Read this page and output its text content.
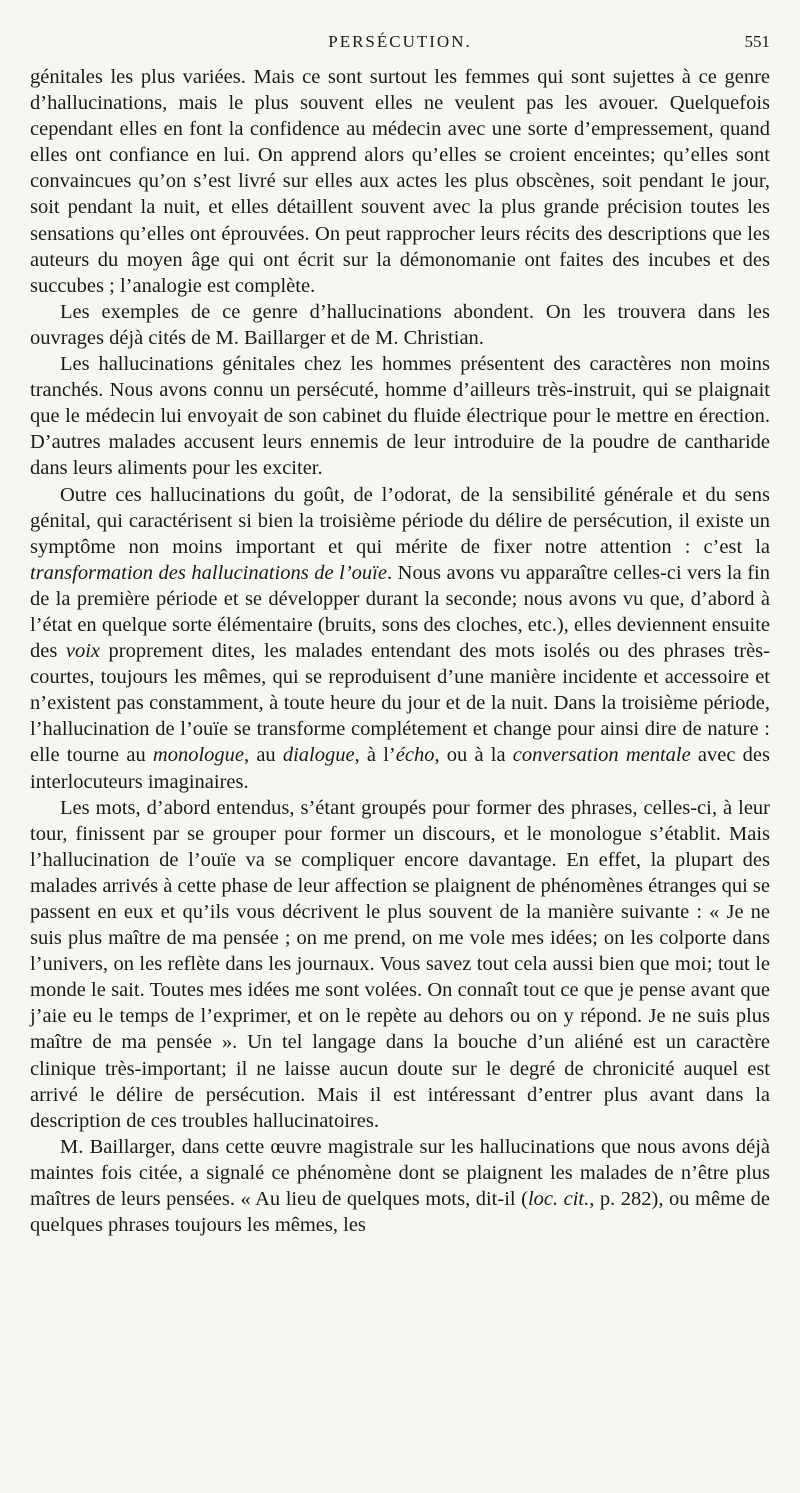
PERSÉCUTION.	551

génitales les plus variées. Mais ce sont surtout les femmes qui sont sujettes à ce genre d’hallucinations, mais le plus souvent elles ne veulent pas les avouer. Quelquefois cependant elles en font la confidence au médecin avec une sorte d’empressement, quand elles ont confiance en lui. On apprend alors qu’elles se croient enceintes; qu’elles sont convaincues qu’on s’est livré sur elles aux actes les plus obscènes, soit pendant le jour, soit pendant la nuit, et elles détaillent souvent avec la plus grande précision toutes les sensations qu’elles ont éprouvées. On peut rapprocher leurs récits des descriptions que les auteurs du moyen âge qui ont écrit sur la démonomanie ont faites des incubes et des succubes ; l’analogie est complète.

Les exemples de ce genre d’hallucinations abondent. On les trouvera dans les ouvrages déjà cités de M. Baillarger et de M. Christian.

Les hallucinations génitales chez les hommes présentent des caractères non moins tranchés. Nous avons connu un persécuté, homme d’ailleurs très-instruit, qui se plaignait que le médecin lui envoyait de son cabinet du fluide électrique pour le mettre en érection. D’autres malades accusent leurs ennemis de leur introduire de la poudre de cantharide dans leurs aliments pour les exciter.

Outre ces hallucinations du goût, de l’odorat, de la sensibilité générale et du sens génital, qui caractérisent si bien la troisième période du délire de persécution, il existe un symptôme non moins important et qui mérite de fixer notre attention : c’est la transformation des hallucinations de l’ouïe. Nous avons vu apparaître celles-ci vers la fin de la première période et se développer durant la seconde; nous avons vu que, d’abord à l’état en quelque sorte élémentaire (bruits, sons des cloches, etc.), elles deviennent ensuite des voix proprement dites, les malades entendant des mots isolés ou des phrases très-courtes, toujours les mêmes, qui se reproduisent d’une manière incidente et accessoire et n’existent pas constamment, à toute heure du jour et de la nuit. Dans la troisième période, l’hallucination de l’ouïe se transforme complétement et change pour ainsi dire de nature : elle tourne au monologue, au dialogue, à l’écho, ou à la conversation mentale avec des interlocuteurs imaginaires.

Les mots, d’abord entendus, s’étant groupés pour former des phrases, celles-ci, à leur tour, finissent par se grouper pour former un discours, et le monologue s’établit. Mais l’hallucination de l’ouïe va se compliquer encore davantage. En effet, la plupart des malades arrivés à cette phase de leur affection se plaignent de phénomènes étranges qui se passent en eux et qu’ils vous décrivent le plus souvent de la manière suivante : « Je ne suis plus maître de ma pensée ; on me prend, on me vole mes idées; on les colporte dans l’univers, on les reflète dans les journaux. Vous savez tout cela aussi bien que moi; tout le monde le sait. Toutes mes idées me sont volées. On connaît tout ce que je pense avant que j’aie eu le temps de l’exprimer, et on le repète au dehors ou on y répond. Je ne suis plus maître de ma pensée ». Un tel langage dans la bouche d’un aliéné est un caractère clinique très-important; il ne laisse aucun doute sur le degré de chronicité auquel est arrivé le délire de persécution. Mais il est intéressant d’entrer plus avant dans la description de ces troubles hallucinatoires.

M. Baillarger, dans cette œuvre magistrale sur les hallucinations que nous avons déjà maintes fois citée, a signalé ce phénomène dont se plaignent les malades de n’être plus maîtres de leurs pensées. « Au lieu de quelques mots, dit-il (loc. cit., p. 282), ou même de quelques phrases toujours les mêmes, les
